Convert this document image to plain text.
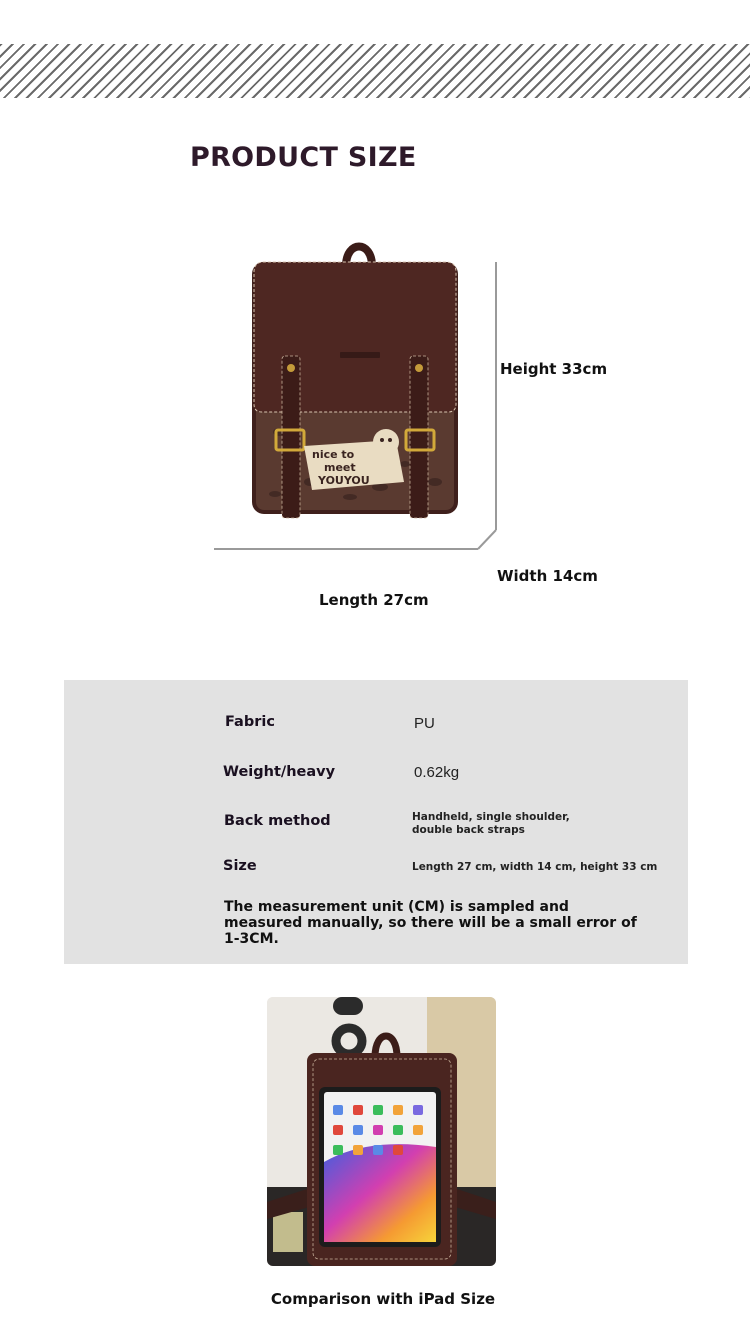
PRODUCT SIZE
nice to
meet
YOUYOU
Height 33cm
Width 14cm
Length 27cm
Fabric	PU
Weight/heavy	0.62kg
Back method	Handheld, single shoulder,
double back straps
Size	Length 27 cm, width 14 cm, height 33 cm
The measurement unit (CM) is sampled and measured manually, so there will be a small error of 1-3CM.
Comparison with iPad Size
